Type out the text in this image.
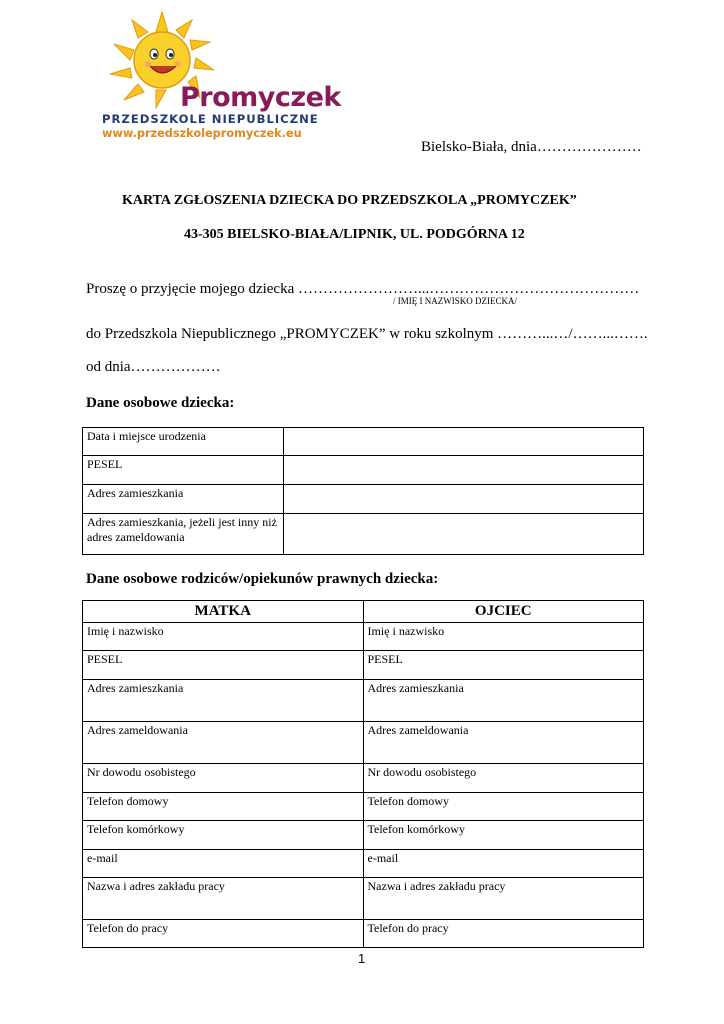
Promyczek
PRZEDSZKOLE NIEPUBLICZNE
www.przedszkolepromyczek.eu
Bielsko-Biała, dnia…………………
KARTA ZGŁOSZENIA DZIECKA DO PRZEDSZKOLA „PROMYCZEK”
43-305 BIELSKO-BIAŁA/LIPNIK, UL. PODGÓRNA 12
Proszę o przyjęcie mojego dziecka ……………………...……………………………………
/ IMIĘ I NAZWISKO DZIECKA/
do Przedszkola Niepublicznego „PROMYCZEK” w roku szkolnym ………...…/……...…….
od dnia………………
Dane osobowe dziecka:
Data i miejsce urodzenia	
PESEL	
Adres zamieszkania	
Adres zamieszkania, jeżeli jest inny niż adres zameldowania	
Dane osobowe rodziców/opiekunów prawnych dziecka:
MATKA	OJCIEC
Imię i nazwisko	Imię i nazwisko
PESEL	PESEL
Adres zamieszkania	Adres zamieszkania
Adres zameldowania	Adres zameldowania
Nr dowodu osobistego	Nr dowodu osobistego
Telefon domowy	Telefon domowy
Telefon komórkowy	Telefon komórkowy
e-mail	e-mail
Nazwa i adres zakładu pracy	Nazwa i adres zakładu pracy
Telefon do pracy	Telefon do pracy
1
